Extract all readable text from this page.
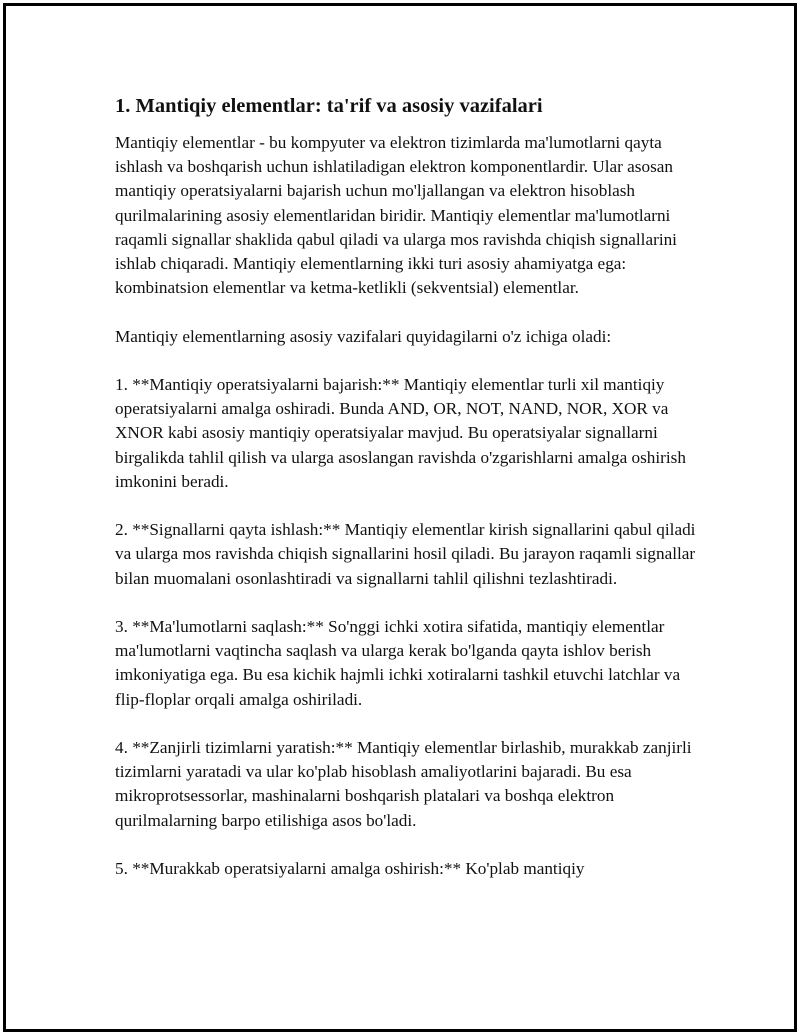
1. Mantiqiy elementlar: ta'rif va asosiy vazifalari

Mantiqiy elementlar - bu kompyuter va elektron tizimlarda ma'lumotlarni qayta ishlash va boshqarish uchun ishlatiladigan elektron komponentlardir. Ular asosan mantiqiy operatsiyalarni bajarish uchun mo'ljallangan va elektron hisoblash qurilmalarining asosiy elementlaridan biridir. Mantiqiy elementlar ma'lumotlarni raqamli signallar shaklida qabul qiladi va ularga mos ravishda chiqish signallarini ishlab chiqaradi. Mantiqiy elementlarning ikki turi asosiy ahamiyatga ega: kombinatsion elementlar va ketma-ketlikli (sekventsial) elementlar.

Mantiqiy elementlarning asosiy vazifalari quyidagilarni o'z ichiga oladi:

1. **Mantiqiy operatsiyalarni bajarish:** Mantiqiy elementlar turli xil mantiqiy operatsiyalarni amalga oshiradi. Bunda AND, OR, NOT, NAND, NOR, XOR va XNOR kabi asosiy mantiqiy operatsiyalar mavjud. Bu operatsiyalar signallarni birgalikda tahlil qilish va ularga asoslangan ravishda o'zgarishlarni amalga oshirish imkonini beradi.

2. **Signallarni qayta ishlash:** Mantiqiy elementlar kirish signallarini qabul qiladi va ularga mos ravishda chiqish signallarini hosil qiladi. Bu jarayon raqamli signallar bilan muomalani osonlashtiradi va signallarni tahlil qilishni tezlashtiradi.

3. **Ma'lumotlarni saqlash:** So'nggi ichki xotira sifatida, mantiqiy elementlar ma'lumotlarni vaqtincha saqlash va ularga kerak bo'lganda qayta ishlov berish imkoniyatiga ega. Bu esa kichik hajmli ichki xotiralarni tashkil etuvchi latchlar va flip-floplar orqali amalga oshiriladi.

4. **Zanjirli tizimlarni yaratish:** Mantiqiy elementlar birlashib, murakkab zanjirli tizimlarni yaratadi va ular ko'plab hisoblash amaliyotlarini bajaradi. Bu esa mikroprotsessorlar, mashinalarni boshqarish platalari va boshqa elektron qurilmalarning barpo etilishiga asos bo'ladi.

5. **Murakkab operatsiyalarni amalga oshirish:** Ko'plab mantiqiy
